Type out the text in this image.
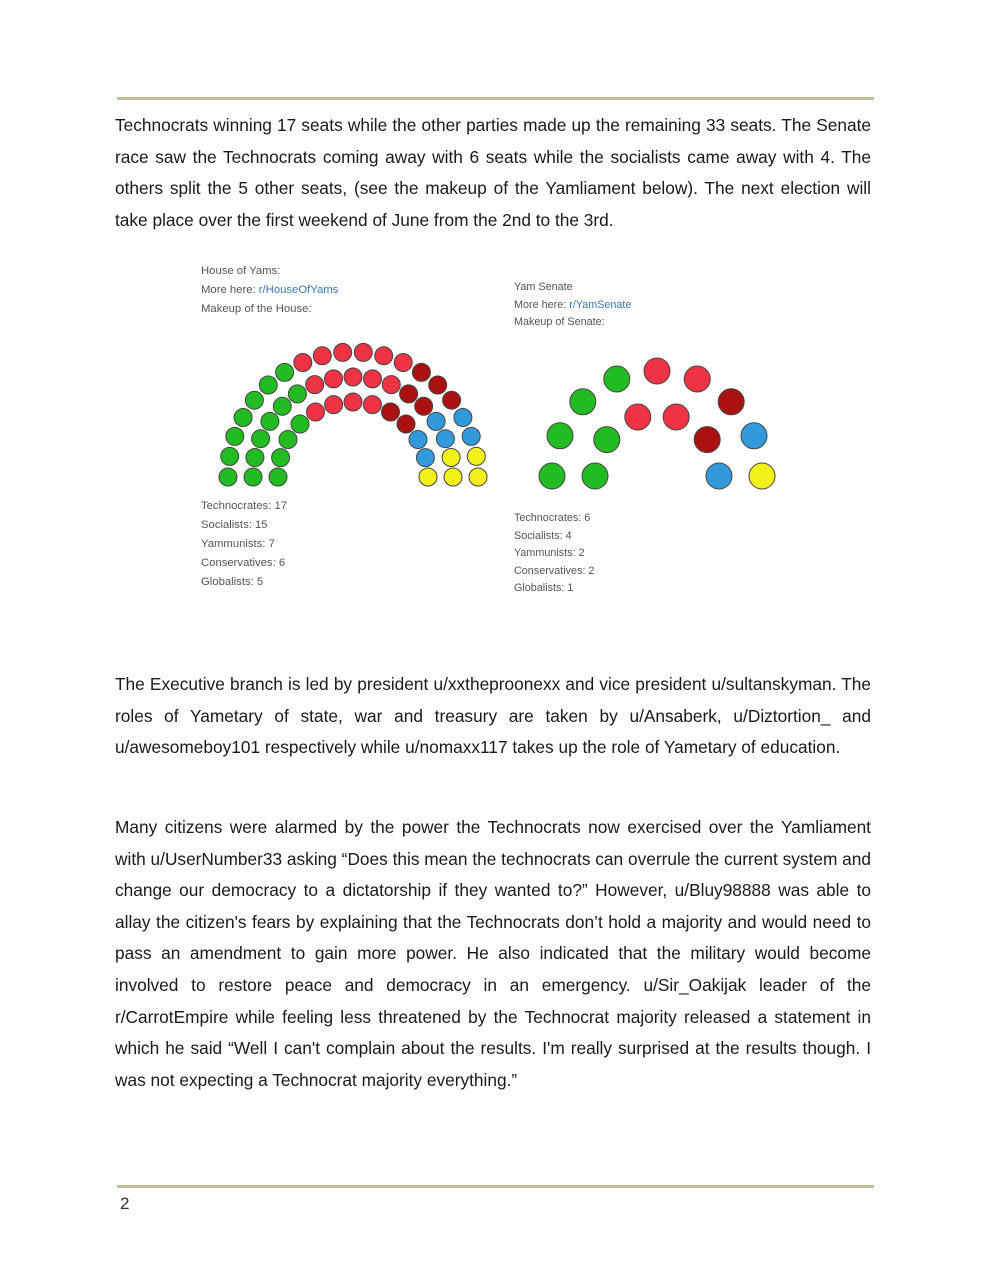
Technocrats winning 17 seats while the other parties made up the remaining 33 seats. The Senate race saw the Technocrats coming away with 6 seats while the socialists came away with 4. The others split the 5 other seats, (see the makeup of the Yamliament below). The next election will take place over the first weekend of June from the 2nd to the 3rd.

House of Yams:
More here: r/HouseOfYams
Makeup of the House:
Technocrates: 17
Socialists: 15
Yammunists: 7
Conservatives: 6
Globalists: 5
Yam Senate
More here: r/YamSenate
Makeup of Senate:
Technocrates: 6
Socialists: 4
Yammunists: 2
Conservatives: 2
Globalists: 1

The Executive branch is led by president u/xxtheproonexx and vice president u/sultanskyman. The roles of Yametary of state, war and treasury are taken by u/Ansaberk, u/Diztortion_ and u/awesomeboy101 respectively while u/nomaxx117 takes up the role of Yametary of education.

Many citizens were alarmed by the power the Technocrats now exercised over the Yamliament with u/UserNumber33 asking “Does this mean the technocrats can overrule the current system and change our democracy to a dictatorship if they wanted to?” However, u/Bluy98888 was able to allay the citizen's fears by explaining that the Technocrats don’t hold a majority and would need to pass an amendment to gain more power. He also indicated that the military would become involved to restore peace and democracy in an emergency. u/Sir_Oakijak leader of the r/CarrotEmpire while feeling less threatened by the Technocrat majority released a statement in which he said “Well I can't complain about the results. I'm really surprised at the results though. I was not expecting a Technocrat majority everything.”

2
